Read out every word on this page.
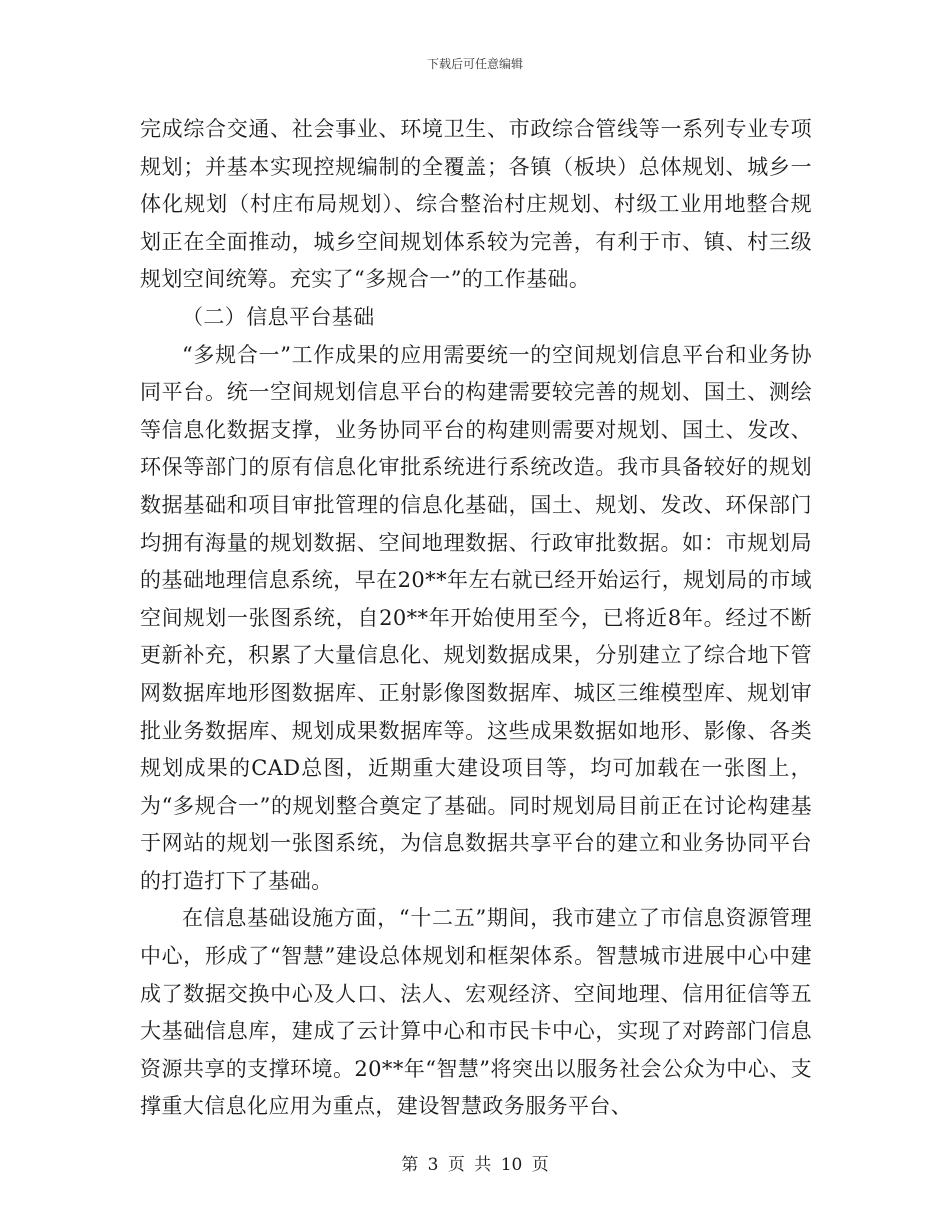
下载后可任意编辑

完成综合交通、社会事业、环境卫生、市政综合管线等一系列专业专项规划；并基本实现控规编制的全覆盖；各镇（板块）总体规划、城乡一体化规划（村庄布局规划）、综合整治村庄规划、村级工业用地整合规划正在全面推动，城乡空间规划体系较为完善，有利于市、镇、村三级规划空间统筹。充实了“多规合一”的工作基础。

（二）信息平台基础

“多规合一”工作成果的应用需要统一的空间规划信息平台和业务协同平台。统一空间规划信息平台的构建需要较完善的规划、国土、测绘等信息化数据支撑，业务协同平台的构建则需要对规划、国土、发改、环保等部门的原有信息化审批系统进行系统改造。我市具备较好的规划数据基础和项目审批管理的信息化基础，国土、规划、发改、环保部门均拥有海量的规划数据、空间地理数据、行政审批数据。如：市规划局的基础地理信息系统，早在20**年左右就已经开始运行，规划局的市域空间规划一张图系统，自20**年开始使用至今，已将近8年。经过不断更新补充，积累了大量信息化、规划数据成果，分别建立了综合地下管网数据库地形图数据库、正射影像图数据库、城区三维模型库、规划审批业务数据库、规划成果数据库等。这些成果数据如地形、影像、各类规划成果的CAD总图，近期重大建设项目等，均可加载在一张图上，为“多规合一”的规划整合奠定了基础。同时规划局目前正在讨论构建基于网站的规划一张图系统，为信息数据共享平台的建立和业务协同平台的打造打下了基础。

在信息基础设施方面，“十二五”期间，我市建立了市信息资源管理中心，形成了“智慧”建设总体规划和框架体系。智慧城市进展中心中建成了数据交换中心及人口、法人、宏观经济、空间地理、信用征信等五大基础信息库，建成了云计算中心和市民卡中心，实现了对跨部门信息资源共享的支撑环境。20**年“智慧”将突出以服务社会公众为中心、支撑重大信息化应用为重点，建设智慧政务服务平台、

第 3 页 共 10 页
